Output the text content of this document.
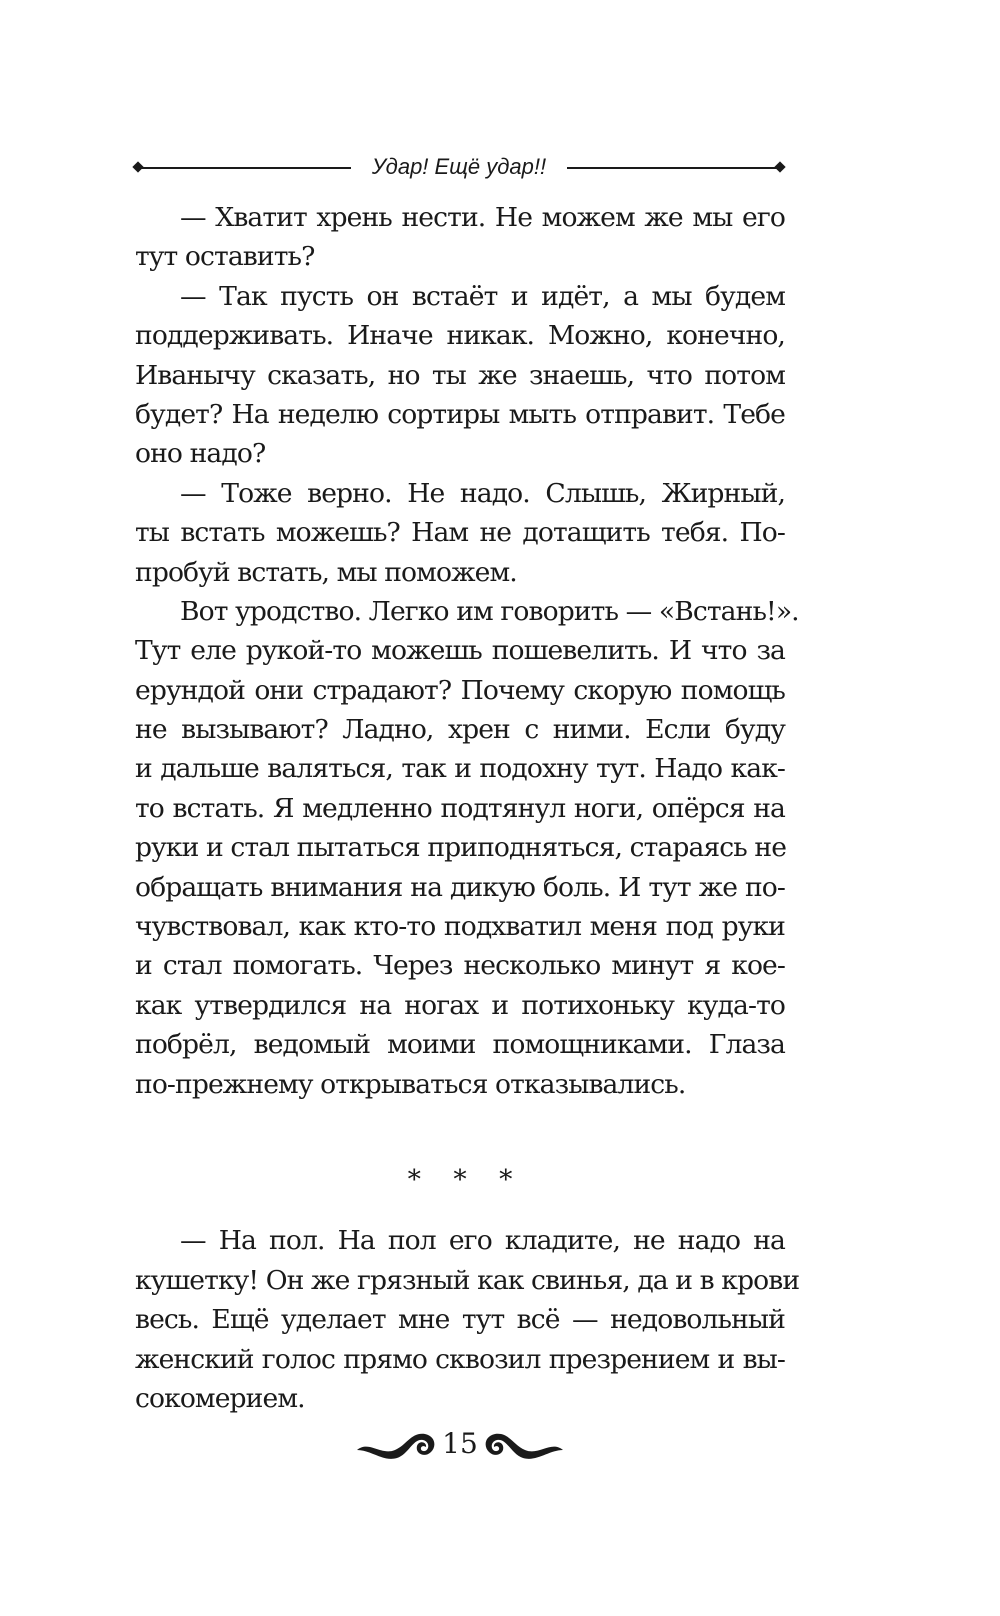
Удар! Ещё удар!!
— Хватит хрень нести. Не можем же мы его
тут оставить?
— Так пусть он встаёт и идёт, а мы будем
поддерживать. Иначе никак. Можно, конечно,
Иванычу сказать, но ты же знаешь, что потом
будет? На неделю сортиры мыть отправит. Тебе
оно надо?
— Тоже верно. Не надо. Слышь, Жирный,
ты встать можешь? Нам не дотащить тебя. По-
пробуй встать, мы поможем.
Вот уродство. Легко им говорить — «Встань!».
Тут еле рукой-то можешь пошевелить. И что за
ерундой они страдают? Почему скорую помощь
не вызывают? Ладно, хрен с ними. Если буду
и дальше валяться, так и подохну тут. Надо как-
то встать. Я медленно подтянул ноги, опёрся на
руки и стал пытаться приподняться, стараясь не
обращать внимания на дикую боль. И тут же по-
чувствовал, как кто-то подхватил меня под руки
и стал помогать. Через несколько минут я кое-
как утвердился на ногах и потихоньку куда-то
побрёл, ведомый моими помощниками. Глаза
по-прежнему открываться отказывались.
* * *
— На пол. На пол его кладите, не надо на
кушетку! Он же грязный как свинья, да и в крови
весь. Ещё уделает мне тут всё — недовольный
женский голос прямо сквозил презрением и вы-
сокомерием.
15
